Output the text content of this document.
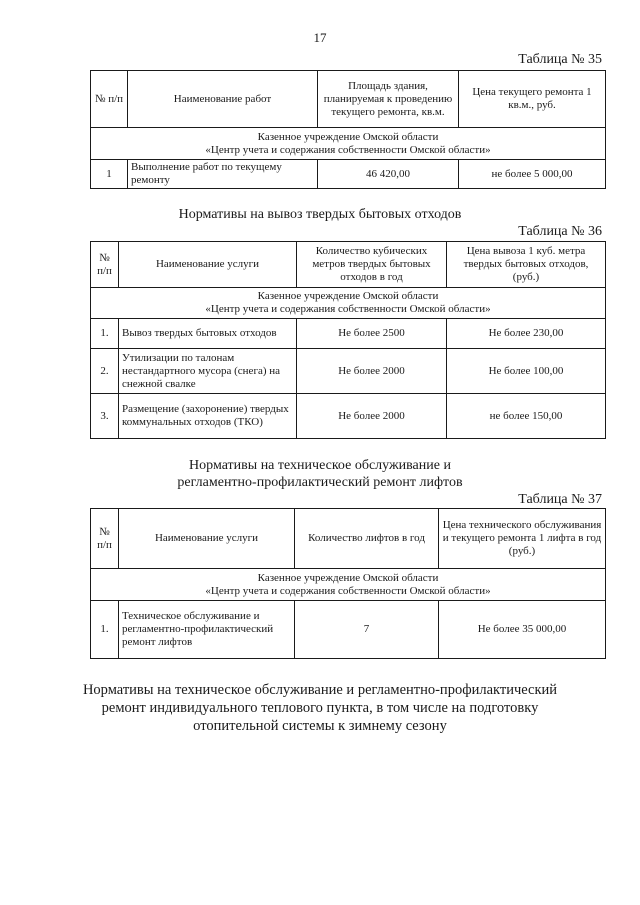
17
Таблица № 35
№ п/п	Наименование работ	Площадь здания, планируемая к проведению текущего ремонта, кв.м.	Цена текущего ремонта 1 кв.м., руб.

Казенное учреждение Омской области
«Центр учета и содержания собственности Омской области»			

1	Выполнение работ по текущему ремонту	46 420,00	не более 5 000,00
Нормативы на вывоз твердых бытовых отходов
Таблица № 36
№ п/п	Наименование услуги	Количество кубических метров твердых бытовых отходов в год	Цена вывоза 1 куб. метра твердых бытовых отходов, (руб.)

Казенное учреждение Омской области
«Центр учета и содержания собственности Омской области»			

1.	Вывоз твердых бытовых отходов	Не более 2500	Не более 230,00
2.	Утилизации по талонам нестандартного мусора (снега) на снежной свалке	Не более 2000	Не более 100,00
3.	Размещение (захоронение) твердых коммунальных отходов (ТКО)	Не более 2000	не более 150,00
Нормативы на техническое обслуживание и
регламентно-профилактический ремонт лифтов
Таблица № 37
№ п/п	Наименование услуги	Количество лифтов в год	Цена технического обслуживания и текущего ремонта 1 лифта в год (руб.)

Казенное учреждение Омской области
«Центр учета и содержания собственности Омской области»			

1.	Техническое обслуживание и регламентно-профилактический ремонт лифтов	7	Не более 35 000,00
Нормативы на техническое обслуживание и регламентно-профилактический
ремонт индивидуального теплового пункта, в том числе на подготовку
отопительной системы к зимнему сезону
